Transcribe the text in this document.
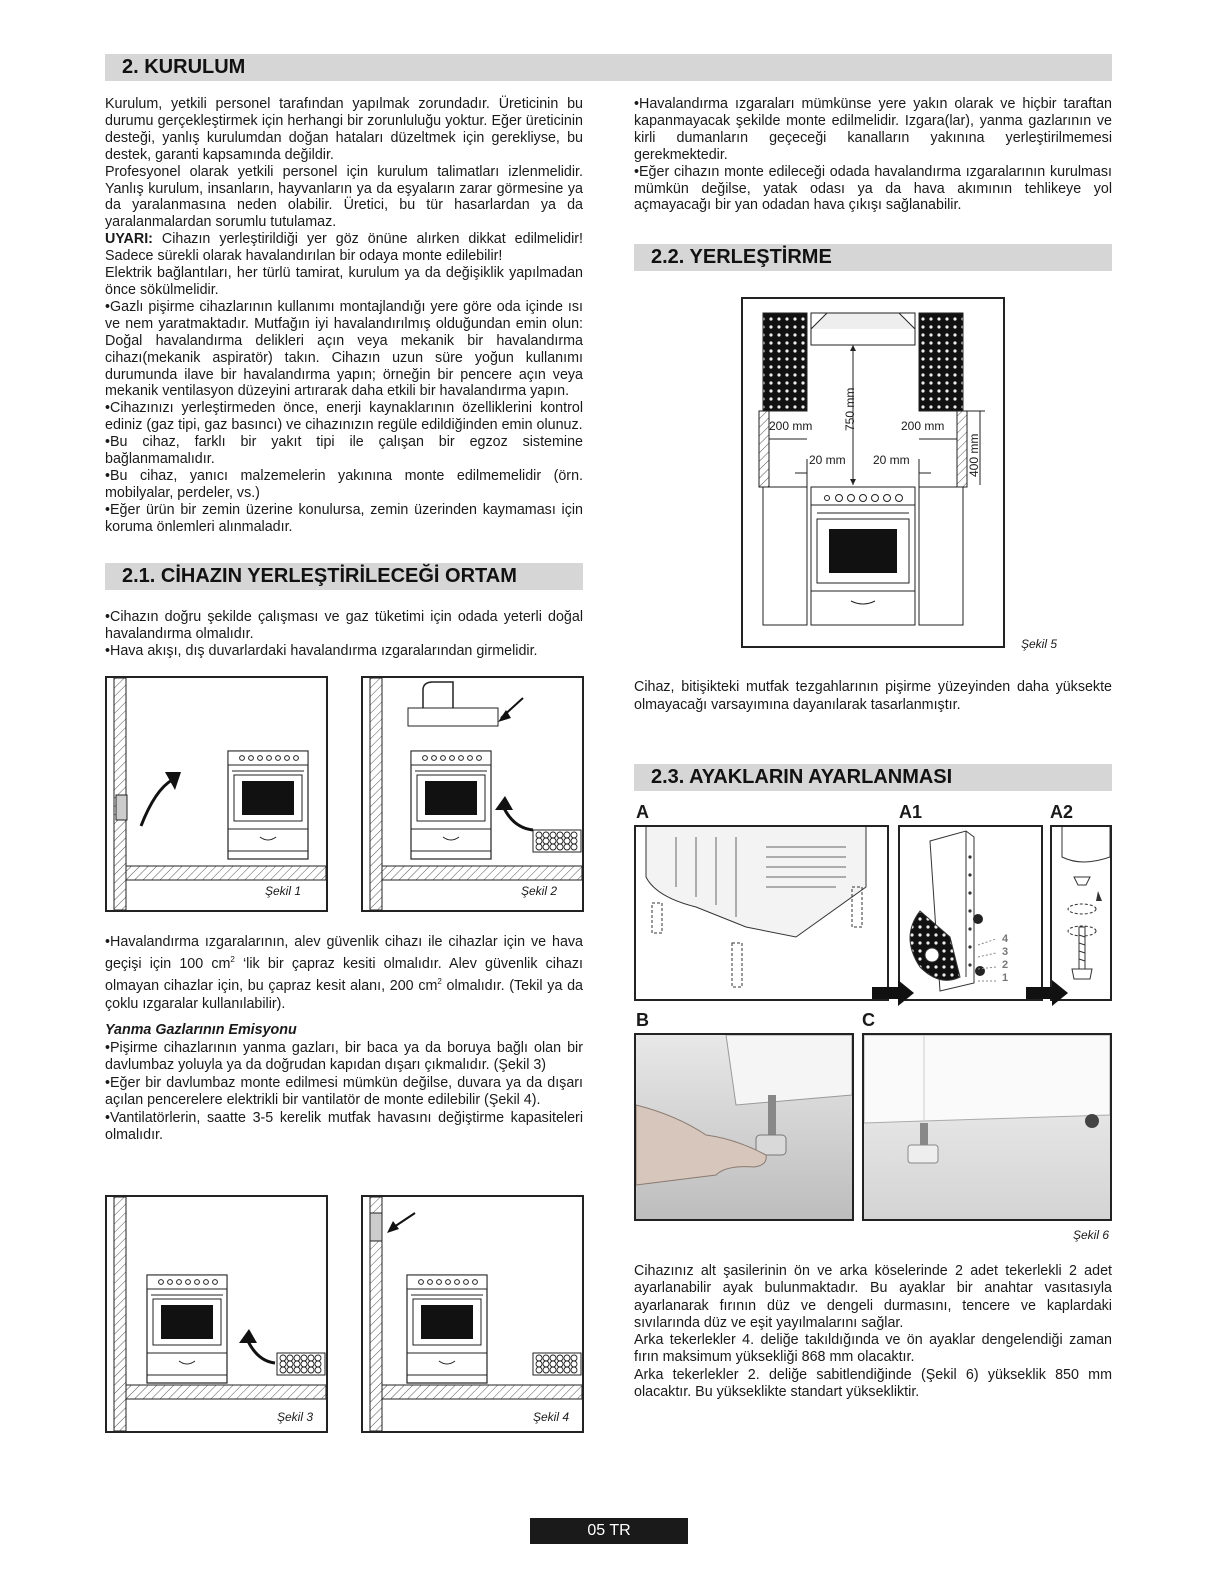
2. KURULUM

Kurulum, yetkili personel tarafından yapılmak zorundadır. Üreticinin bu durumu gerçekleştirmek için herhangi bir zorunluluğu yoktur. Eğer üreticinin desteği, yanlış kurulumdan doğan hataları düzeltmek için gerekliyse, bu destek, garanti kapsamında değildir.

Profesyonel olarak yetkili personel için kurulum talimatları izlenmelidir. Yanlış kurulum, insanların, hayvanların ya da eşyaların zarar görmesine ya da yaralanmasına neden olabilir. Üretici, bu tür hasarlardan ya da yaralanmalardan sorumlu tutulamaz.

UYARI: Cihazın yerleştirildiği yer göz önüne alırken dikkat edilmelidir! Sadece sürekli olarak havalandırılan bir odaya monte edilebilir!

Elektrik bağlantıları, her türlü tamirat, kurulum ya da değişiklik yapılmadan önce sökülmelidir.

•Gazlı pişirme cihazlarının kullanımı montajlandığı yere göre oda içinde ısı ve nem yaratmaktadır. Mutfağın iyi havalandırılmış olduğundan emin olun: Doğal havalandırma delikleri açın veya mekanik bir havalandırma cihazı(mekanik aspiratör) takın. Cihazın uzun süre yoğun kullanımı durumunda ilave bir havalandırma yapın; örneğin bir pencere açın veya mekanik ventilasyon düzeyini artırarak daha etkili bir havalandırma yapın.

•Cihazınızı yerleştirmeden önce, enerji kaynaklarının özelliklerini kontrol ediniz (gaz tipi, gaz basıncı) ve cihazınızın regüle edildiğinden emin olunuz.

•Bu cihaz, farklı bir yakıt tipi ile çalışan bir egzoz sistemine bağlanmamalıdır.

•Bu cihaz, yanıcı malzemelerin yakınına monte edilmemelidir (örn. mobilyalar, perdeler, vs.)

•Eğer ürün bir zemin üzerine konulursa, zemin üzerinden kaymaması için koruma önlemleri alınmaladır.

•Havalandırma ızgaraları mümkünse yere yakın olarak ve hiçbir taraftan kapanmayacak şekilde monte edilmelidir. Izgara(lar), yanma gazlarının ve kirli dumanların geçeceği kanalların yakınına yerleştirilmemesi gerekmektedir.

•Eğer cihazın monte edileceği odada havalandırma ızgaralarının kurulması mümkün değilse, yatak odası ya da hava akımının tehlikeye yol açmayacağı bir yan odadan hava çıkışı sağlanabilir.

2.1. CİHAZIN YERLEŞTİRİLECEĞİ ORTAM

•Cihazın doğru şekilde çalışması ve gaz tüketimi için odada yeterli doğal havalandırma olmalıdır.

•Hava akışı, dış duvarlardaki havalandırma ızgaralarından girmelidir.

Şekil 1	Şekil 2

•Havalandırma ızgaralarının, alev güvenlik cihazı ile cihazlar için ve hava geçişi için 100 $cm^2$ ‘lik bir çapraz kesiti olmalıdır. Alev güvenlik cihazı olmayan cihazlar için, bu çapraz kesit alanı, 200 $cm^2$ olmalıdır. (Tekil ya da çoklu ızgaralar kullanılabilir).

Yanma Gazlarının Emisyonu

•Pişirme cihazlarının yanma gazları, bir baca ya da boruya bağlı olan bir davlumbaz yoluyla ya da doğrudan kapıdan dışarı çıkmalıdır. (Şekil 3)

•Eğer bir davlumbaz monte edilmesi mümkün değilse, duvara ya da dışarı açılan pencerelere elektrikli bir vantilatör de monte edilebilir (Şekil 4).

•Vantilatörlerin, saatte 3-5 kerelik mutfak havasını değiştirme kapasiteleri olmalıdır.

Şekil 3	Şekil 4
2.2. YERLEŞTİRME
750 mm
200 mm	200 mm
400 mm
20 mm 20 mm
Şekil 5

Cihaz, bitişikteki mutfak tezgahlarının pişirme yüzeyinden daha yüksekte olmayacağı varsayımına dayanılarak tasarlanmıştır.

2.3. AYAKLARIN AYARLANMASI
A	A1	A2
4
3
2
1
B	C
Şekil 6

Cihazınız alt şasilerinin ön ve arka köselerinde 2 adet tekerlekli 2 adet ayarlanabilir ayak bulunmaktadır. Bu ayaklar bir anahtar vasıtasıyla ayarlanarak fırının düz ve dengeli durmasını, tencere ve kaplardaki sıvılarında düz ve eşit yayılmalarını sağlar.

Arka tekerlekler 4. deliğe takıldığında ve ön ayaklar dengelendiği zaman fırın maksimum yüksekliği 868 mm olacaktır.

Arka tekerlekler 2. deliğe sabitlendiğinde (Şekil 6) yükseklik 850 mm olacaktır. Bu yükseklikte standart yüksekliktir.

05 TR
